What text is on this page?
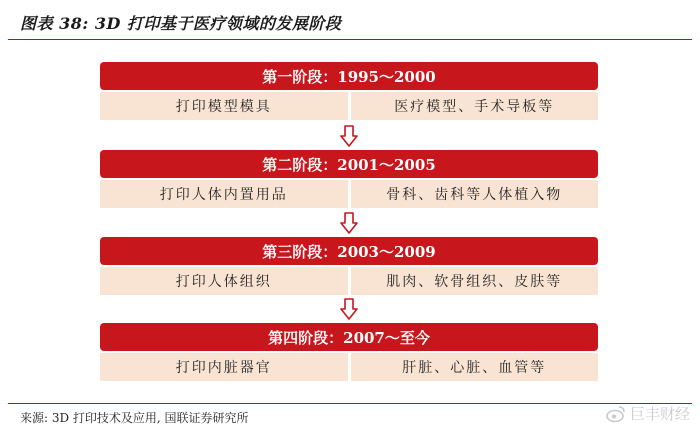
图表 38: 3D 打印基于医疗领域的发展阶段
第一阶段：1995～2000
打印模型模具	医疗模型、手术导板等
第二阶段：2001～2005
打印人体内置用品	骨科、齿科等人体植入物
第三阶段：2003～2009
打印人体组织	肌肉、软骨组织、皮肤等
第四阶段：2007～至今
打印内脏器官	肝脏、心脏、血管等
来源: 3D 打印技术及应用, 国联证券研究所	巨丰财经
